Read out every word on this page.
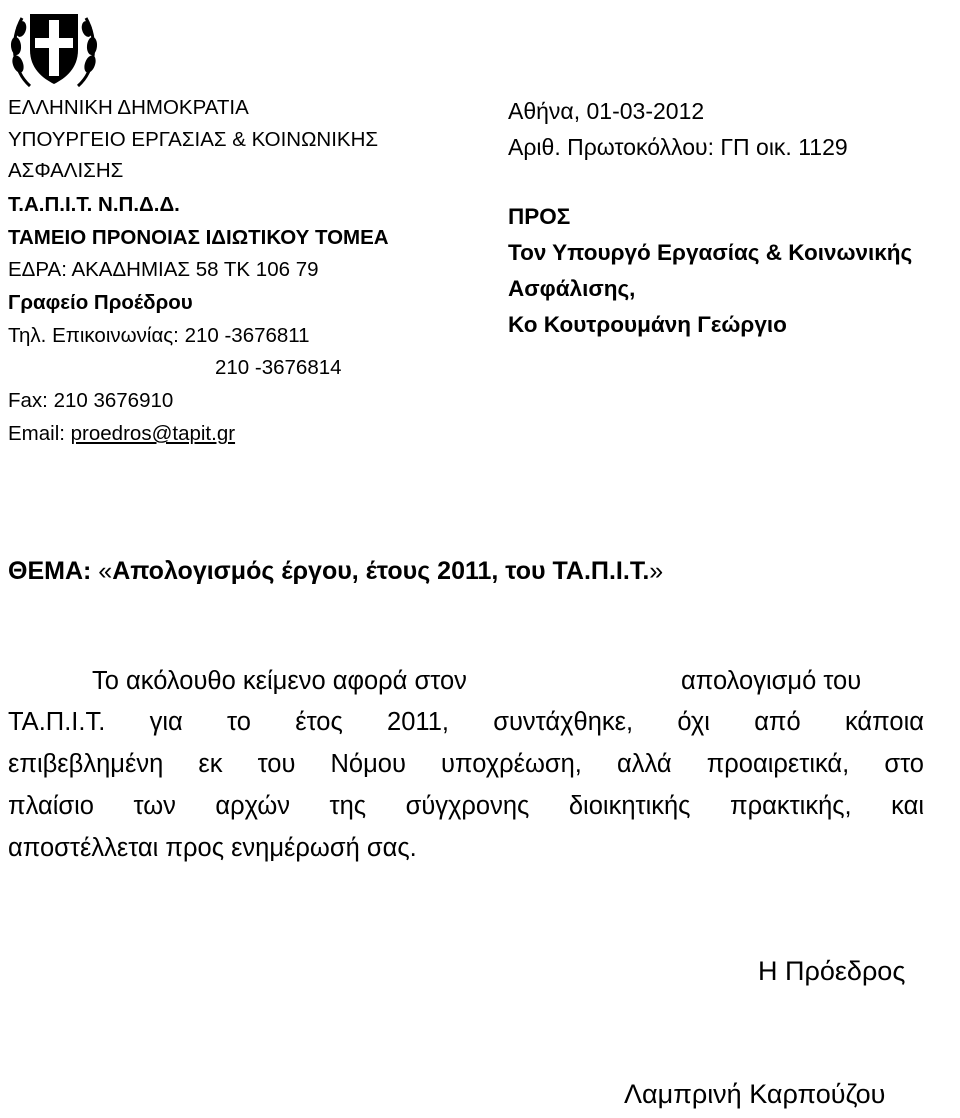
ΕΛΛΗΝΙΚΗ ΔΗΜΟΚΡΑΤΙΑ
ΥΠΟΥΡΓΕΙΟ ΕΡΓΑΣΙΑΣ & ΚΟΙΝΩΝΙΚΗΣ
ΑΣΦΑΛΙΣΗΣ
Τ.Α.Π.Ι.Τ. Ν.Π.Δ.Δ.
ΤΑΜΕΙΟ ΠΡΟΝΟΙΑΣ ΙΔΙΩΤΙΚΟΥ ΤΟΜΕΑ
ΕΔΡΑ: ΑΚΑΔΗΜΙΑΣ 58 ΤΚ 106 79
Γραφείο Προέδρου
Τηλ. Επικοινωνίας: 210 -3676811
210 -3676814
Fax: 210 3676910
Email: proedros@tapit.gr
Αθήνα, 01-03-2012
Αριθ. Πρωτοκόλλου: ΓΠ οικ. 1129
ΠΡΟΣ
Τον Υπουργό Εργασίας & Κοινωνικής
Ασφάλισης,
Κο Κουτρουμάνη Γεώργιο
ΘΕΜΑ: «Απολογισμός έργου, έτους 2011, του ΤΑ.Π.Ι.Τ.»
Το ακόλουθο κείμενο αφορά στον	απολογισμό του
ΤΑ.Π.Ι.Τ. για το έτος 2011, συντάχθηκε, όχι από κάποια
επιβεβλημένη εκ του Νόμου υποχρέωση, αλλά προαιρετικά, στο
πλαίσιο των αρχών της σύγχρονης διοικητικής πρακτικής, και
αποστέλλεται προς ενημέρωσή σας.
Η Πρόεδρος
Λαμπρινή Καρπούζου
